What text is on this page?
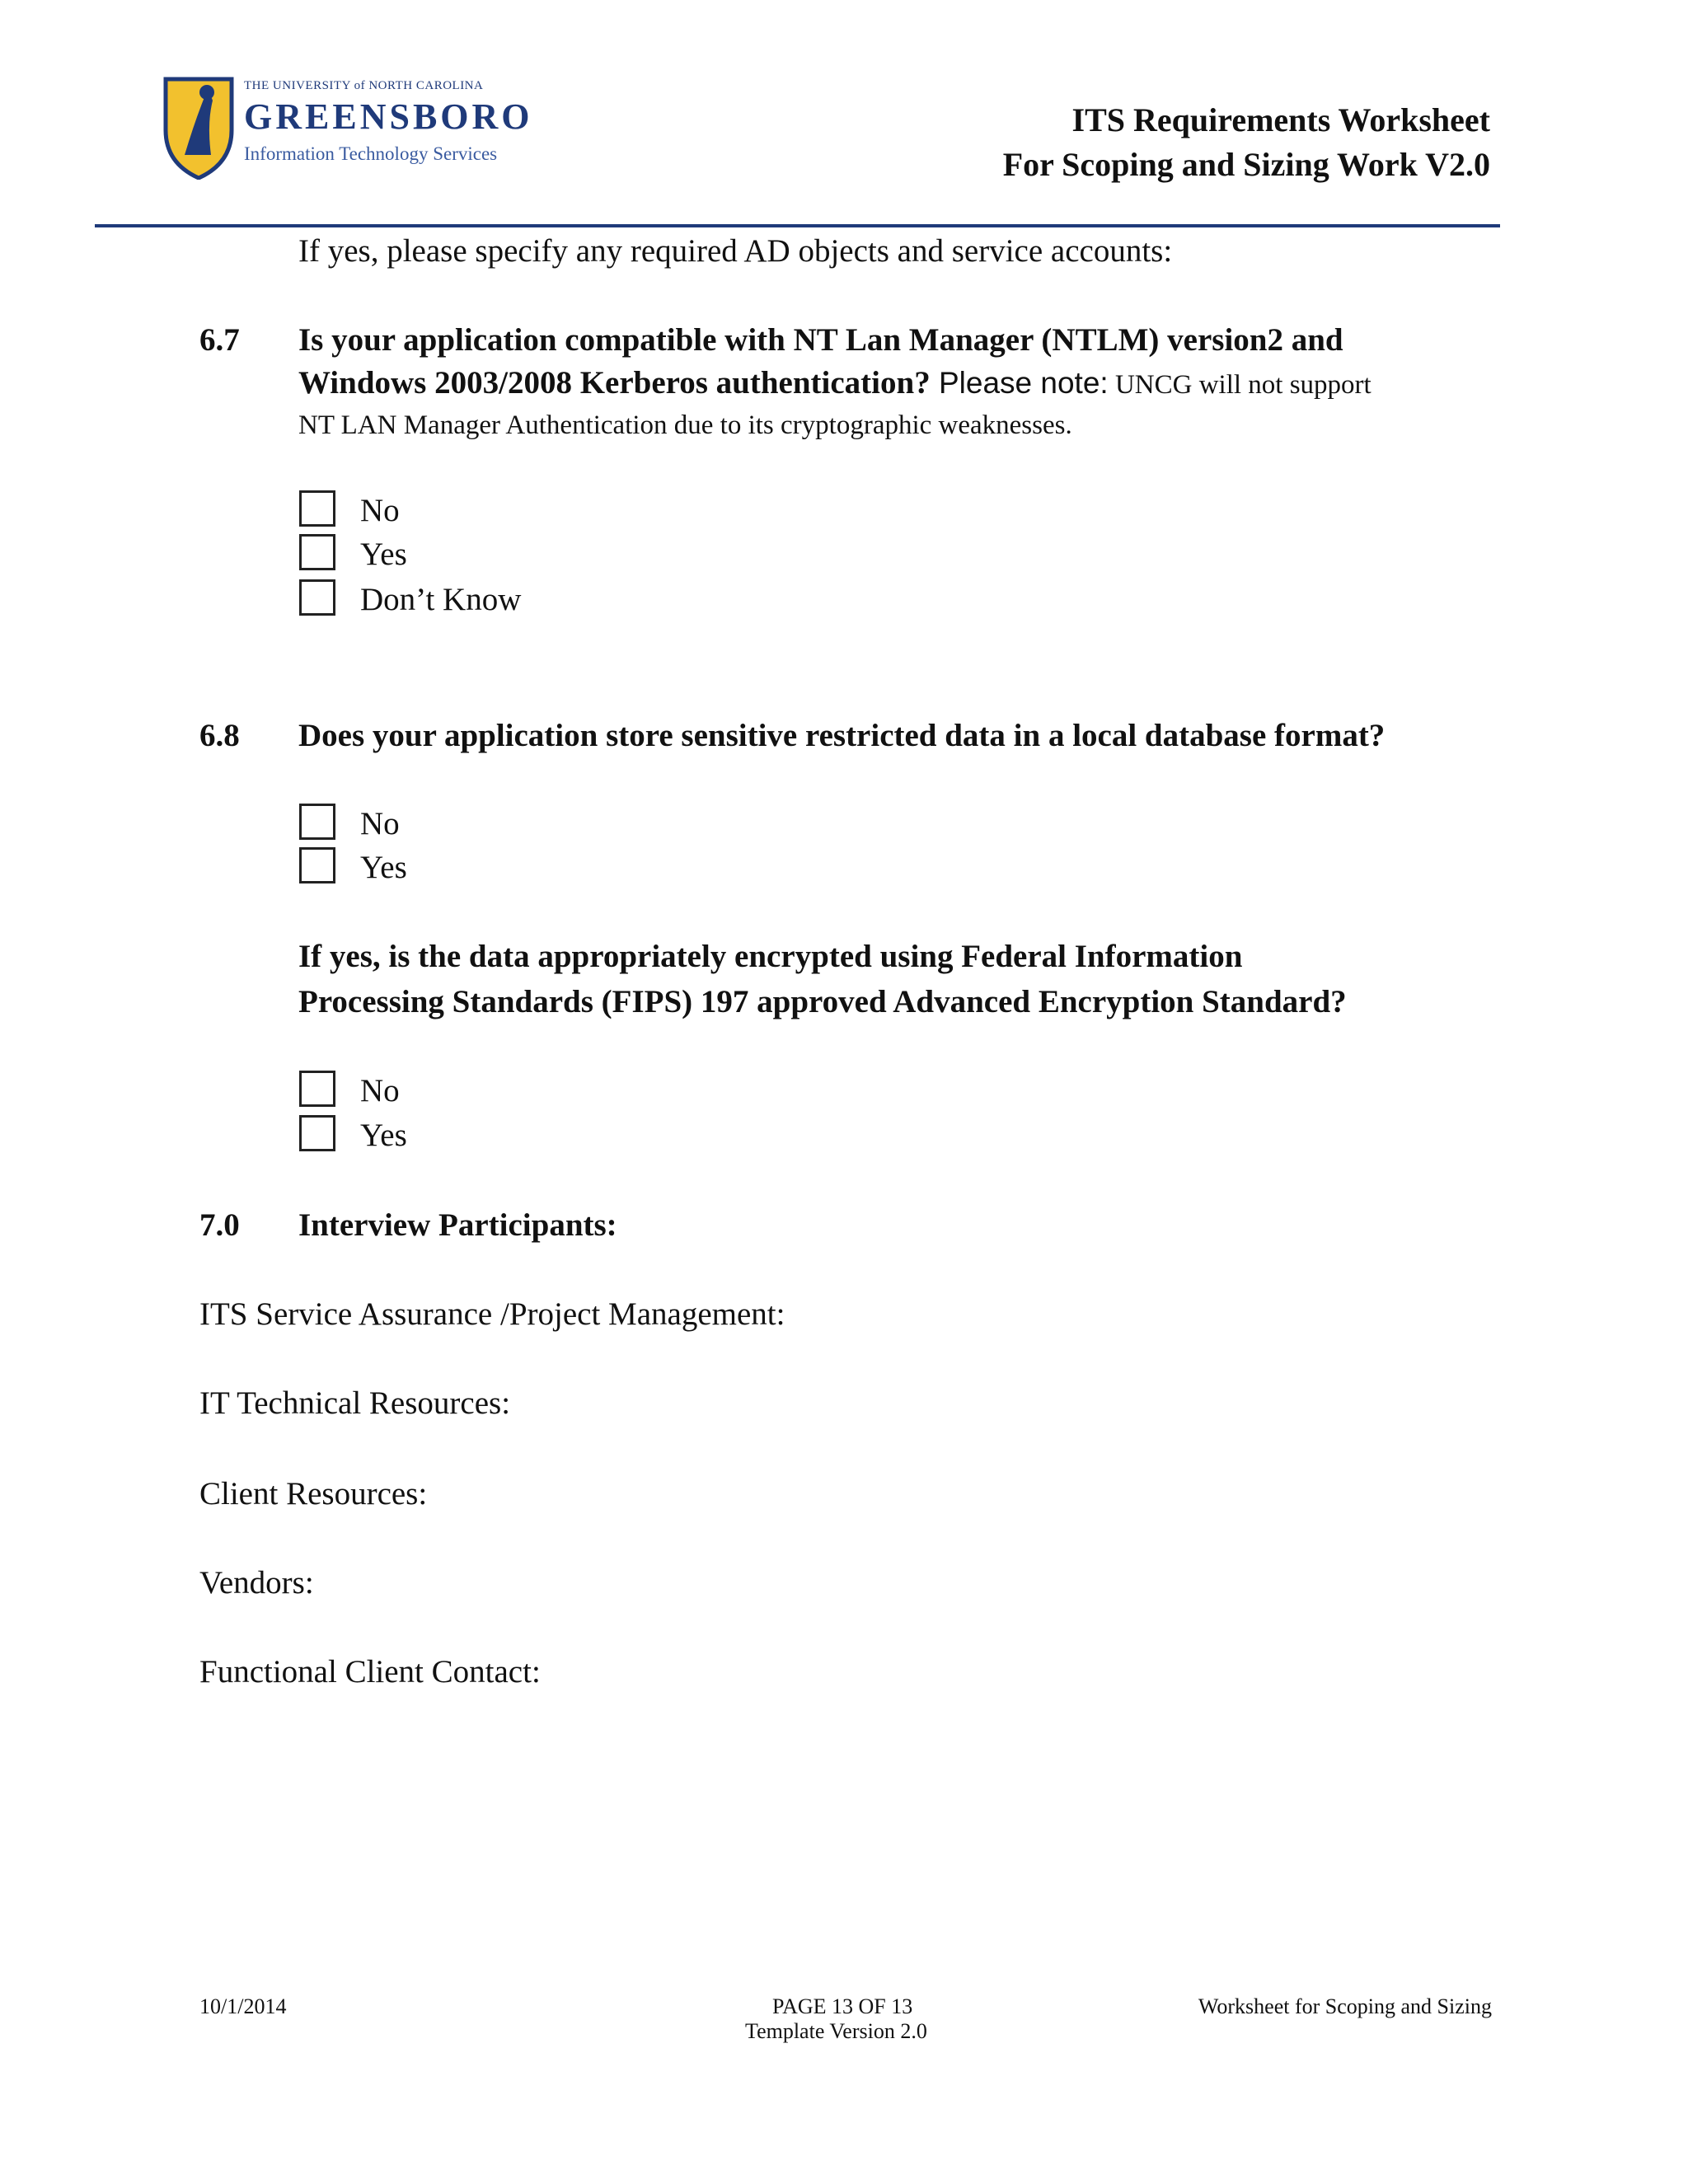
THE UNIVERSITY of NORTH CAROLINA
GREENSBORO
Information Technology Services
ITS Requirements Worksheet
For Scoping and Sizing Work V2.0
If yes, please specify any required AD objects and service accounts:
6.7 Is your application compatible with NT Lan Manager (NTLM) version2 and
Windows 2003/2008 Kerberos authentication? Please note: UNCG will not support
NT LAN Manager Authentication due to its cryptographic weaknesses.
No
Yes
Don’t Know
6.8 Does your application store sensitive restricted data in a local database format?
No
Yes
If yes, is the data appropriately encrypted using Federal Information
Processing Standards (FIPS) 197 approved Advanced Encryption Standard?
No
Yes
7.0 Interview Participants:
ITS Service Assurance /Project Management:
IT Technical Resources:
Client Resources:
Vendors:
Functional Client Contact:
10/1/2014	PAGE 13 OF 13
Template Version 2.0
Worksheet for Scoping and Sizing
